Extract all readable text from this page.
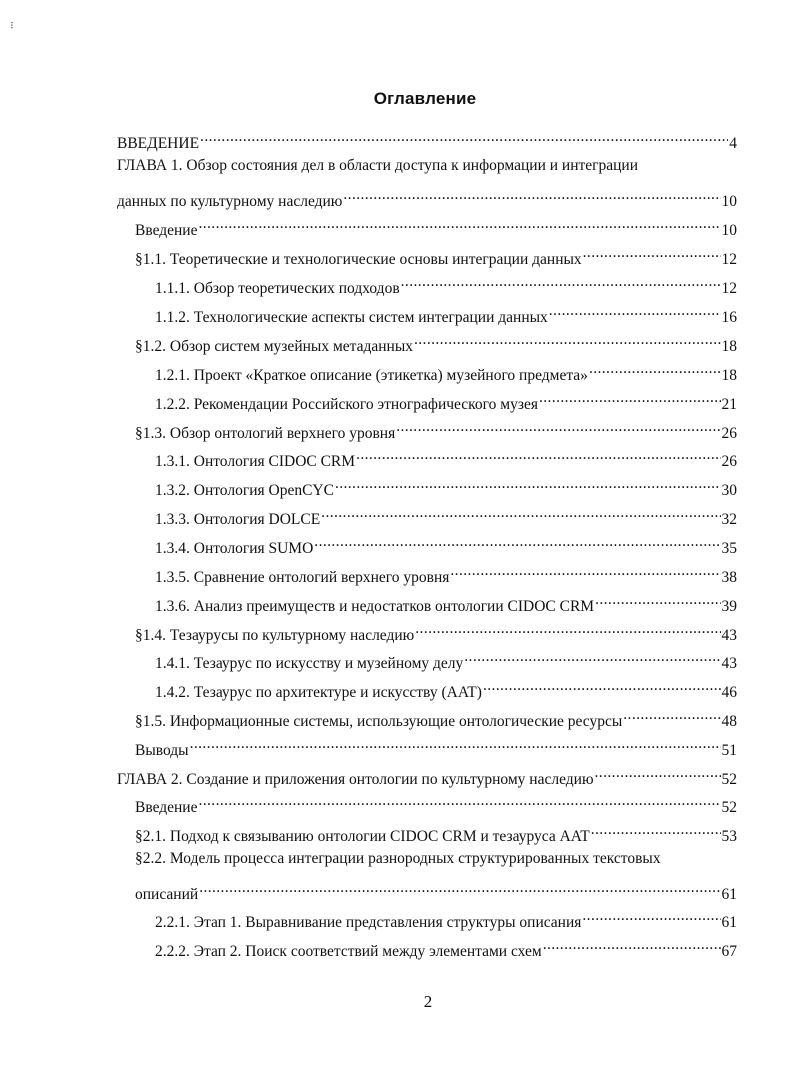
⠇
Оглавление
ВВЕДЕНИЕ .....	4
ГЛАВА 1. Обзор состояния дел в области доступа к информации и интеграции
данных по культурному наследию .....	10
Введение .....	10
§1.1. Теоретические и технологические основы интеграции данных .....	12
1.1.1. Обзор теоретических подходов .....	12
1.1.2. Технологические аспекты систем интеграции данных .....	16
§1.2. Обзор систем музейных метаданных .....	18
1.2.1. Проект «Краткое описание (этикетка) музейного предмета» .....	18
1.2.2. Рекомендации Российского этнографического музея .....	21
§1.3. Обзор онтологий верхнего уровня .....	26
1.3.1. Онтология CIDOC CRM .....	26
1.3.2. Онтология OpenCYC .....	30
1.3.3. Онтология DOLCE .....	32
1.3.4. Онтология SUMO .....	35
1.3.5. Сравнение онтологий верхнего уровня .....	38
1.3.6. Анализ преимуществ и недостатков онтологии CIDOC CRM .....	39
§1.4. Тезаурусы по культурному наследию .....	43
1.4.1. Тезаурус по искусству и музейному делу .....	43
1.4.2. Тезаурус по архитектуре и искусству (AAT) .....	46
§1.5. Информационные системы, использующие онтологические ресурсы .....	48
Выводы .....	51
ГЛАВА 2. Создание и приложения онтологии по культурному наследию .....	52
Введение .....	52
§2.1. Подход к связыванию онтологии CIDOC CRM и тезауруса AAT .....	53
§2.2. Модель процесса интеграции разнородных структурированных текстовых
описаний .....	61
2.2.1. Этап 1. Выравнивание представления структуры описания .....	61
2.2.2. Этап 2. Поиск соответствий между элементами схем .....	67
2
